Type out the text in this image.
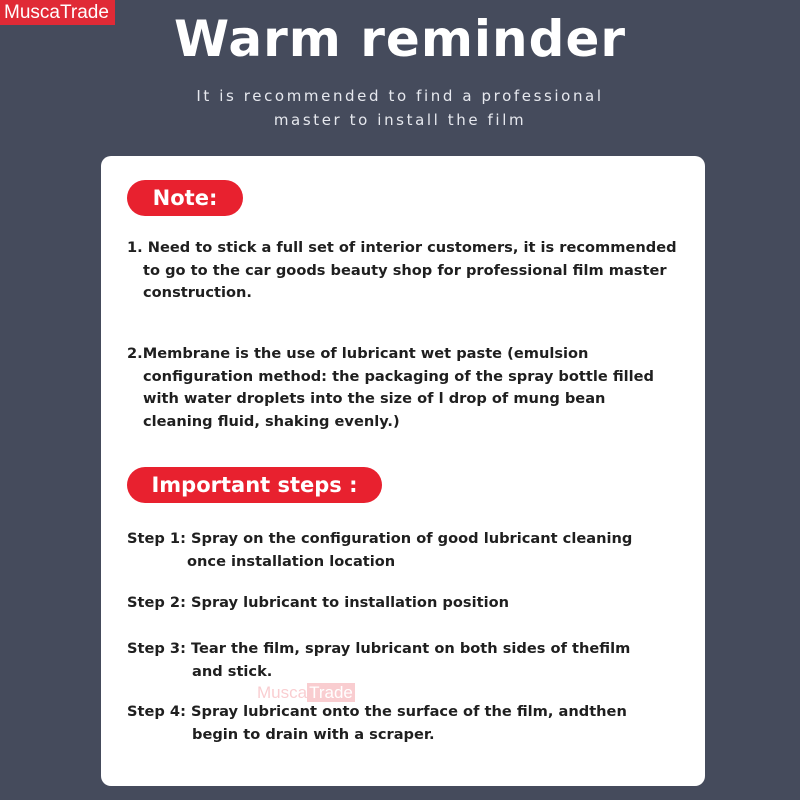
MuscaTrade	Warm reminder
It is recommended to find a professional
master to install the film
Note:
1. Need to stick a full set of interior customers, it is recommended
to go to the car goods beauty shop for professional film master
construction.
2.Membrane is the use of lubricant wet paste (emulsion
configuration method: the packaging of the spray bottle filled
with water droplets into the size of l drop of mung bean
cleaning fluid, shaking evenly.)
Important steps :
Step 1: Spray on the configuration of good lubricant cleaning
once installation location
Step 2: Spray lubricant to installation position
Step 3: Tear the film, spray lubricant on both sides of thefilm
and stick.
Step 4: Spray lubricant onto the surface of the film, andthen
begin to drain with a scraper.
Musca Trade
